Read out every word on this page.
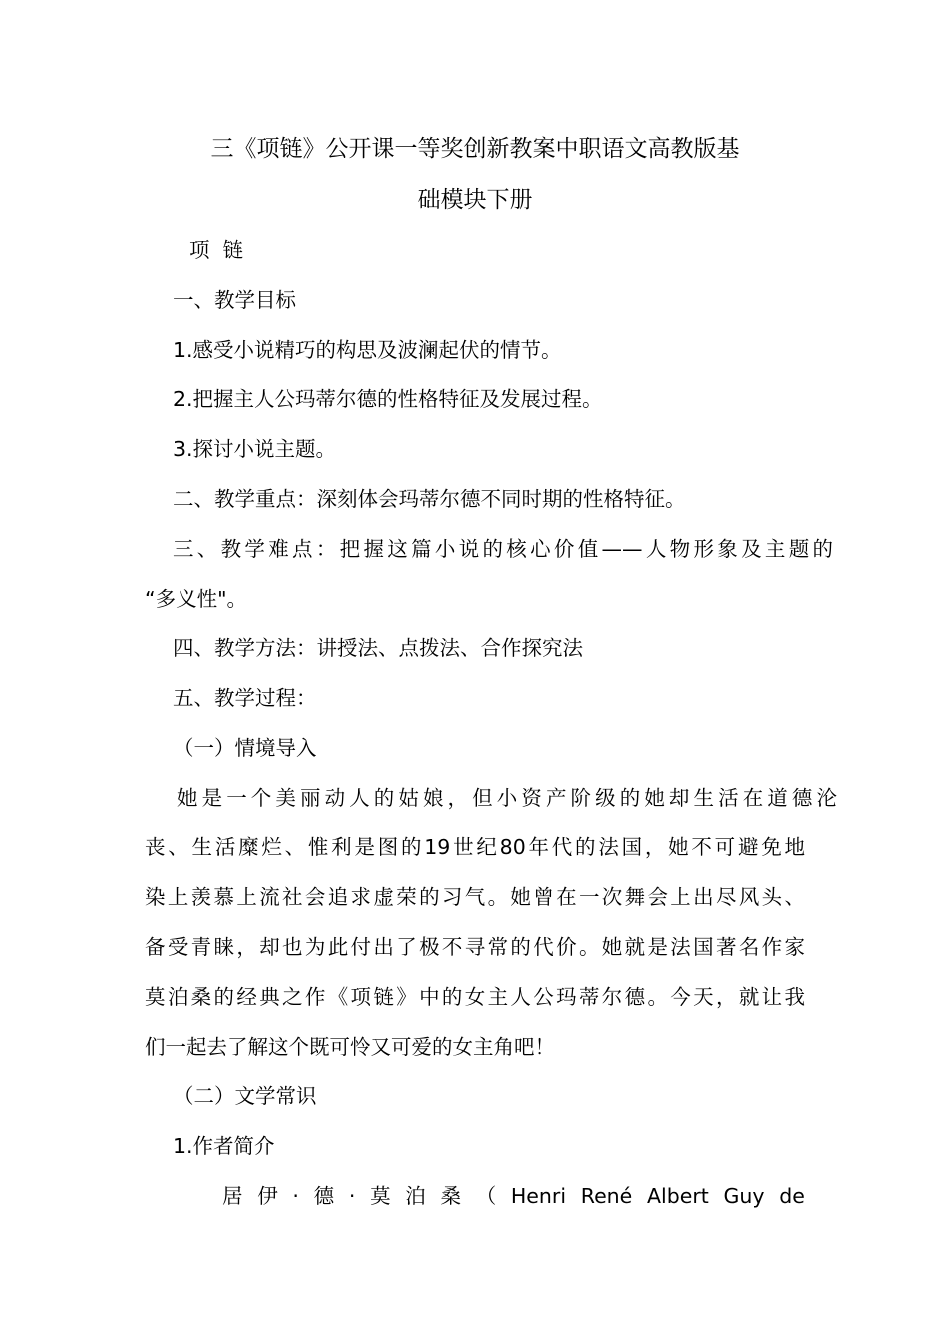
三《项链》公开课一等奖创新教案中职语文高教版基
础模块下册
项  链
一、教学目标
1.感受小说精巧的构思及波澜起伏的情节。
2.把握主人公玛蒂尔德的性格特征及发展过程。
3.探讨小说主题。
二、教学重点：深刻体会玛蒂尔德不同时期的性格特征。
三、教学难点：把握这篇小说的核心价值——人物形象及主题的
“多义性"。
四、教学方法：讲授法、点拨法、合作探究法
五、教学过程：
（一）情境导入
她是一个美丽动人的姑娘，但小资产阶级的她却生活在道德沦
丧、生活糜烂、惟利是图的19世纪80年代的法国，她不可避免地
染上羡慕上流社会追求虚荣的习气。她曾在一次舞会上出尽风头、
备受青睐，却也为此付出了极不寻常的代价。她就是法国著名作家
莫泊桑的经典之作《项链》中的女主人公玛蒂尔德。今天，就让我
们一起去了解这个既可怜又可爱的女主角吧！
（二）文学常识
1.作者简介
居 伊 · 德 · 莫 泊 桑 （ Henri René Albert Guy de
